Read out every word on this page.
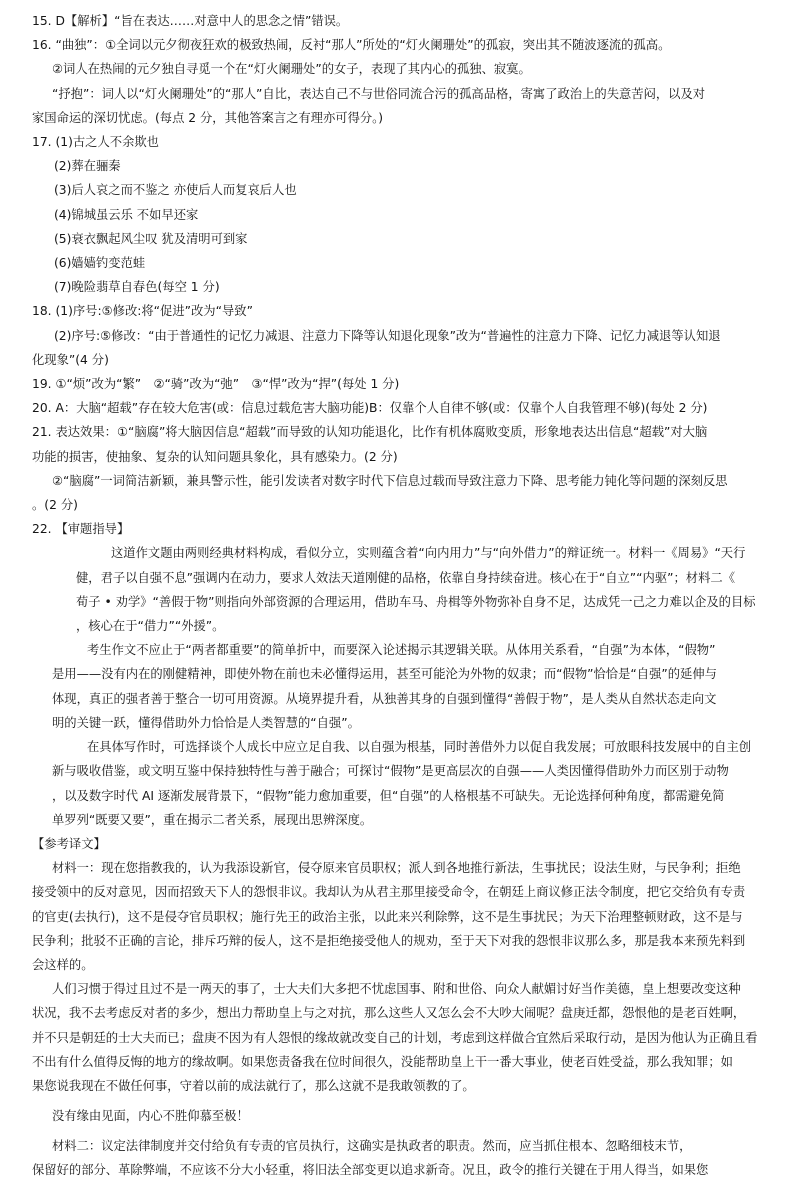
15. D【解析】“旨在表达……对意中人的思念之情”错误。
16. “曲独”：①全词以元夕彻夜狂欢的极致热闹，反衬“那人”所处的“灯火阑珊处”的孤寂，突出其不随波逐流的孤高。
②词人在热闹的元夕独自寻觅一个在“灯火阑珊处”的女子，表现了其内心的孤独、寂寞。
“抒抱”：词人以“灯火阑珊处”的“那人”自比，表达自己不与世俗同流合污的孤高品格，寄寓了政治上的失意苦闷，以及对
家国命运的深切忧虑。(每点 2 分，其他答案言之有理亦可得分。)
17. (1)古之人不余欺也
(2)葬在骊秦
(3)后人哀之而不鉴之 亦使后人而复哀后人也
(4)锦城虽云乐 不如早还家
(5)衰衣飘起风尘叹 犹及清明可到家
(6)嫱嫱钓变范蛙
(7)晚险翡草自春色(每空 1 分)
18. (1)序号:⑤修改:将“促进”改为“导致”
(2)序号:⑤修改：“由于普通性的记忆力减退、注意力下降等认知退化现象”改为“普遍性的注意力下降、记忆力减退等认知退
化现象”(4 分)
19. ①“烦”改为“繁”　②“骑”改为“弛”　③“悍”改为“捍”(每处 1 分)
20. A：大脑“超载”存在较大危害(或：信息过载危害大脑功能)B：仅靠个人自律不够(或：仅靠个人自我管理不够)(每处 2 分)
21. 表达效果：①“脑腐”将大脑因信息“超载”而导致的认知功能退化，比作有机体腐败变质，形象地表达出信息“超载”对大脑
功能的损害，使抽象、复杂的认知问题具象化，具有感染力。(2 分)
②“脑腐”一词简洁新颖，兼具警示性，能引发读者对数字时代下信息过载而导致注意力下降、思考能力钝化等问题的深刻反思
。(2 分)
22. 【审题指导】
这道作文题由两则经典材料构成，看似分立，实则蕴含着“向内用力”与“向外借力”的辩证统一。材料一《周易》“天行
健，君子以自强不息”强调内在动力，要求人效法天道刚健的品格，依靠自身持续奋进。核心在于“自立”“内驱”；材料二《
荀子 • 劝学》“善假于物”则指向外部资源的合理运用，借助车马、舟楫等外物弥补自身不足，达成凭一己之力难以企及的目标
，核心在于“借力”“外援”。
考生作文不应止于“两者都重要”的简单折中，而要深入论述揭示其逻辑关联。从体用关系看，“自强”为本体，“假物”
是用——没有内在的刚健精神，即使外物在前也未必懂得运用，甚至可能沦为外物的奴隶；而“假物”恰恰是“自强”的延伸与
体现，真正的强者善于整合一切可用资源。从境界提升看，从独善其身的自强到懂得“善假于物”，是人类从自然状态走向文
明的关键一跃，懂得借助外力恰恰是人类智慧的“自强”。
在具体写作时，可选择谈个人成长中应立足自我、以自强为根基，同时善借外力以促自我发展；可放眼科技发展中的自主创
新与吸收借鉴，或文明互鉴中保持独特性与善于融合；可探讨“假物”是更高层次的自强——人类因懂得借助外力而区别于动物
，以及数字时代 AI 逐渐发展背景下，“假物”能力愈加重要，但“自强”的人格根基不可缺失。无论选择何种角度，都需避免简
单罗列“既要又要”，重在揭示二者关系，展现出思辨深度。
【参考译文】
材料一：现在您指教我的，认为我添设新官，侵夺原来官员职权；派人到各地推行新法，生事扰民；设法生财，与民争利；拒绝
接受领中的反对意见，因而招致天下人的怨恨非议。我却认为从君主那里接受命令，在朝廷上商议修正法令制度，把它交给负有专责
的官吏(去执行)，这不是侵夺官员职权；施行先王的政治主张，以此来兴利除弊，这不是生事扰民；为天下治理整顿财政，这不是与
民争利；批驳不正确的言论，排斥巧辩的佞人，这不是拒绝接受他人的规劝，至于天下对我的怨恨非议那么多，那是我本来预先料到
会这样的。
人们习惯于得过且过不是一两天的事了，士大夫们大多把不忧虑国事、附和世俗、向众人献媚讨好当作美德，皇上想要改变这种
状况，我不去考虑反对者的多少，想出力帮助皇上与之对抗，那么这些人又怎么会不大吵大闹呢？盘庚迁都，怨恨他的是老百姓啊，
并不只是朝廷的士大夫而已；盘庚不因为有人怨恨的缘故就改变自己的计划，考虑到这样做合宜然后采取行动，是因为他认为正确且看
不出有什么值得反悔的地方的缘故啊。如果您责备我在位时间很久，没能帮助皇上干一番大事业，使老百姓受益，那么我知罪；如
果您说我现在不做任何事，守着以前的成法就行了，那么这就不是我敢领教的了。
没有缘由见面，内心不胜仰慕至极！
材料二：议定法律制度并交付给负有专责的官员执行，这确实是执政者的职责。然而，应当抓住根本、忽略细枝末节，
保留好的部分、革除弊端，不应该不分大小轻重，将旧法全部变更以追求新奇。况且，政令的推行关键在于用人得当，如果您
